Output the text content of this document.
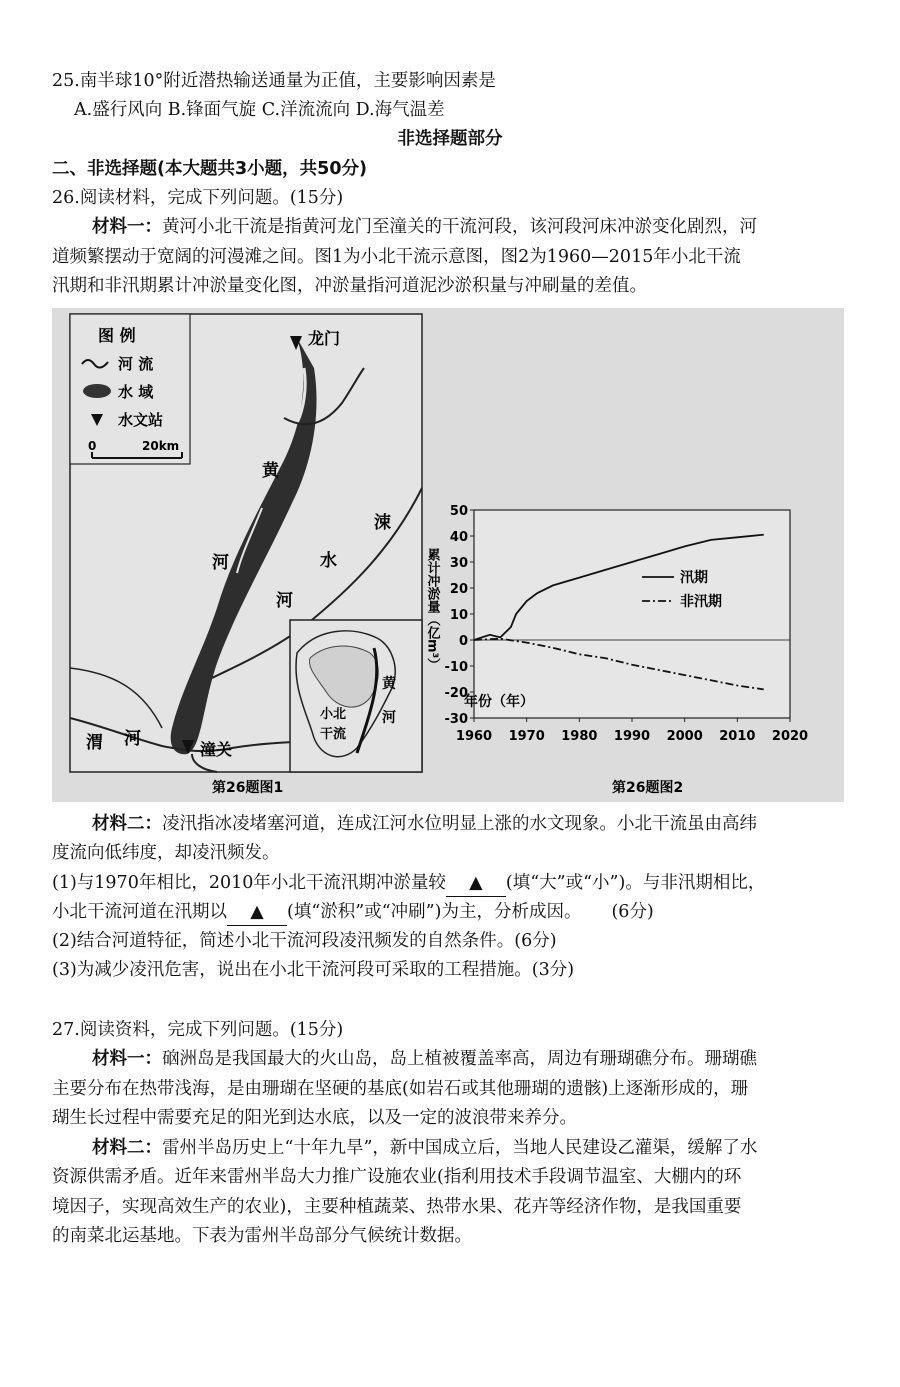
25.南半球10°附近潜热输送通量为正值，主要影响因素是
A.盛行风向 B.锋面气旋 C.洋流流向 D.海气温差
非选择题部分
二、非选择题(本大题共3小题，共50分)
26.阅读材料，完成下列问题。(15分)
材料一：黄河小北干流是指黄河龙门至潼关的干流河段，该河段河床冲淤变化剧烈，河
道频繁摆动于宽阔的河漫滩之间。图1为小北干流示意图，图2为1960—2015年小北干流
汛期和非汛期累计冲淤量变化图，冲淤量指河道泥沙淤积量与冲刷量的差值。
图 例
河 流
水 域
水文站
0	20km
龙门
潼关
黄
河
涑
水
河
渭 河
黄
河
小北
干流
第26题图1
50
40
30
20
10
0
-10
-20
-30
1960 1970 1980 1990 2000 2010 2020
累计冲淤量（亿m³）	汛期
非汛期
年份（年）
第26题图2
材料二：凌汛指冰凌堵塞河道，连成江河水位明显上涨的水文现象。小北干流虽由高纬
度流向低纬度，却凌汛频发。
(1)与1970年相比，2010年小北干流汛期冲淤量较 ▲ (填“大”或“小”)。与非汛期相比，
小北干流河道在汛期以 ▲ (填“淤积”或“冲刷”)为主，分析成因。 (6分)
(2)结合河道特征，简述小北干流河段凌汛频发的自然条件。(6分)
(3)为减少凌汛危害，说出在小北干流河段可采取的工程措施。(3分)
27.阅读资料，完成下列问题。(15分)
材料一：硇洲岛是我国最大的火山岛，岛上植被覆盖率高，周边有珊瑚礁分布。珊瑚礁
主要分布在热带浅海，是由珊瑚在坚硬的基底(如岩石或其他珊瑚的遗骸)上逐渐形成的，珊
瑚生长过程中需要充足的阳光到达水底，以及一定的波浪带来养分。
材料二：雷州半岛历史上“十年九旱”，新中国成立后，当地人民建设乙灌渠，缓解了水
资源供需矛盾。近年来雷州半岛大力推广设施农业(指利用技术手段调节温室、大棚内的环
境因子，实现高效生产的农业)，主要种植蔬菜、热带水果、花卉等经济作物，是我国重要
的南菜北运基地。下表为雷州半岛部分气候统计数据。
